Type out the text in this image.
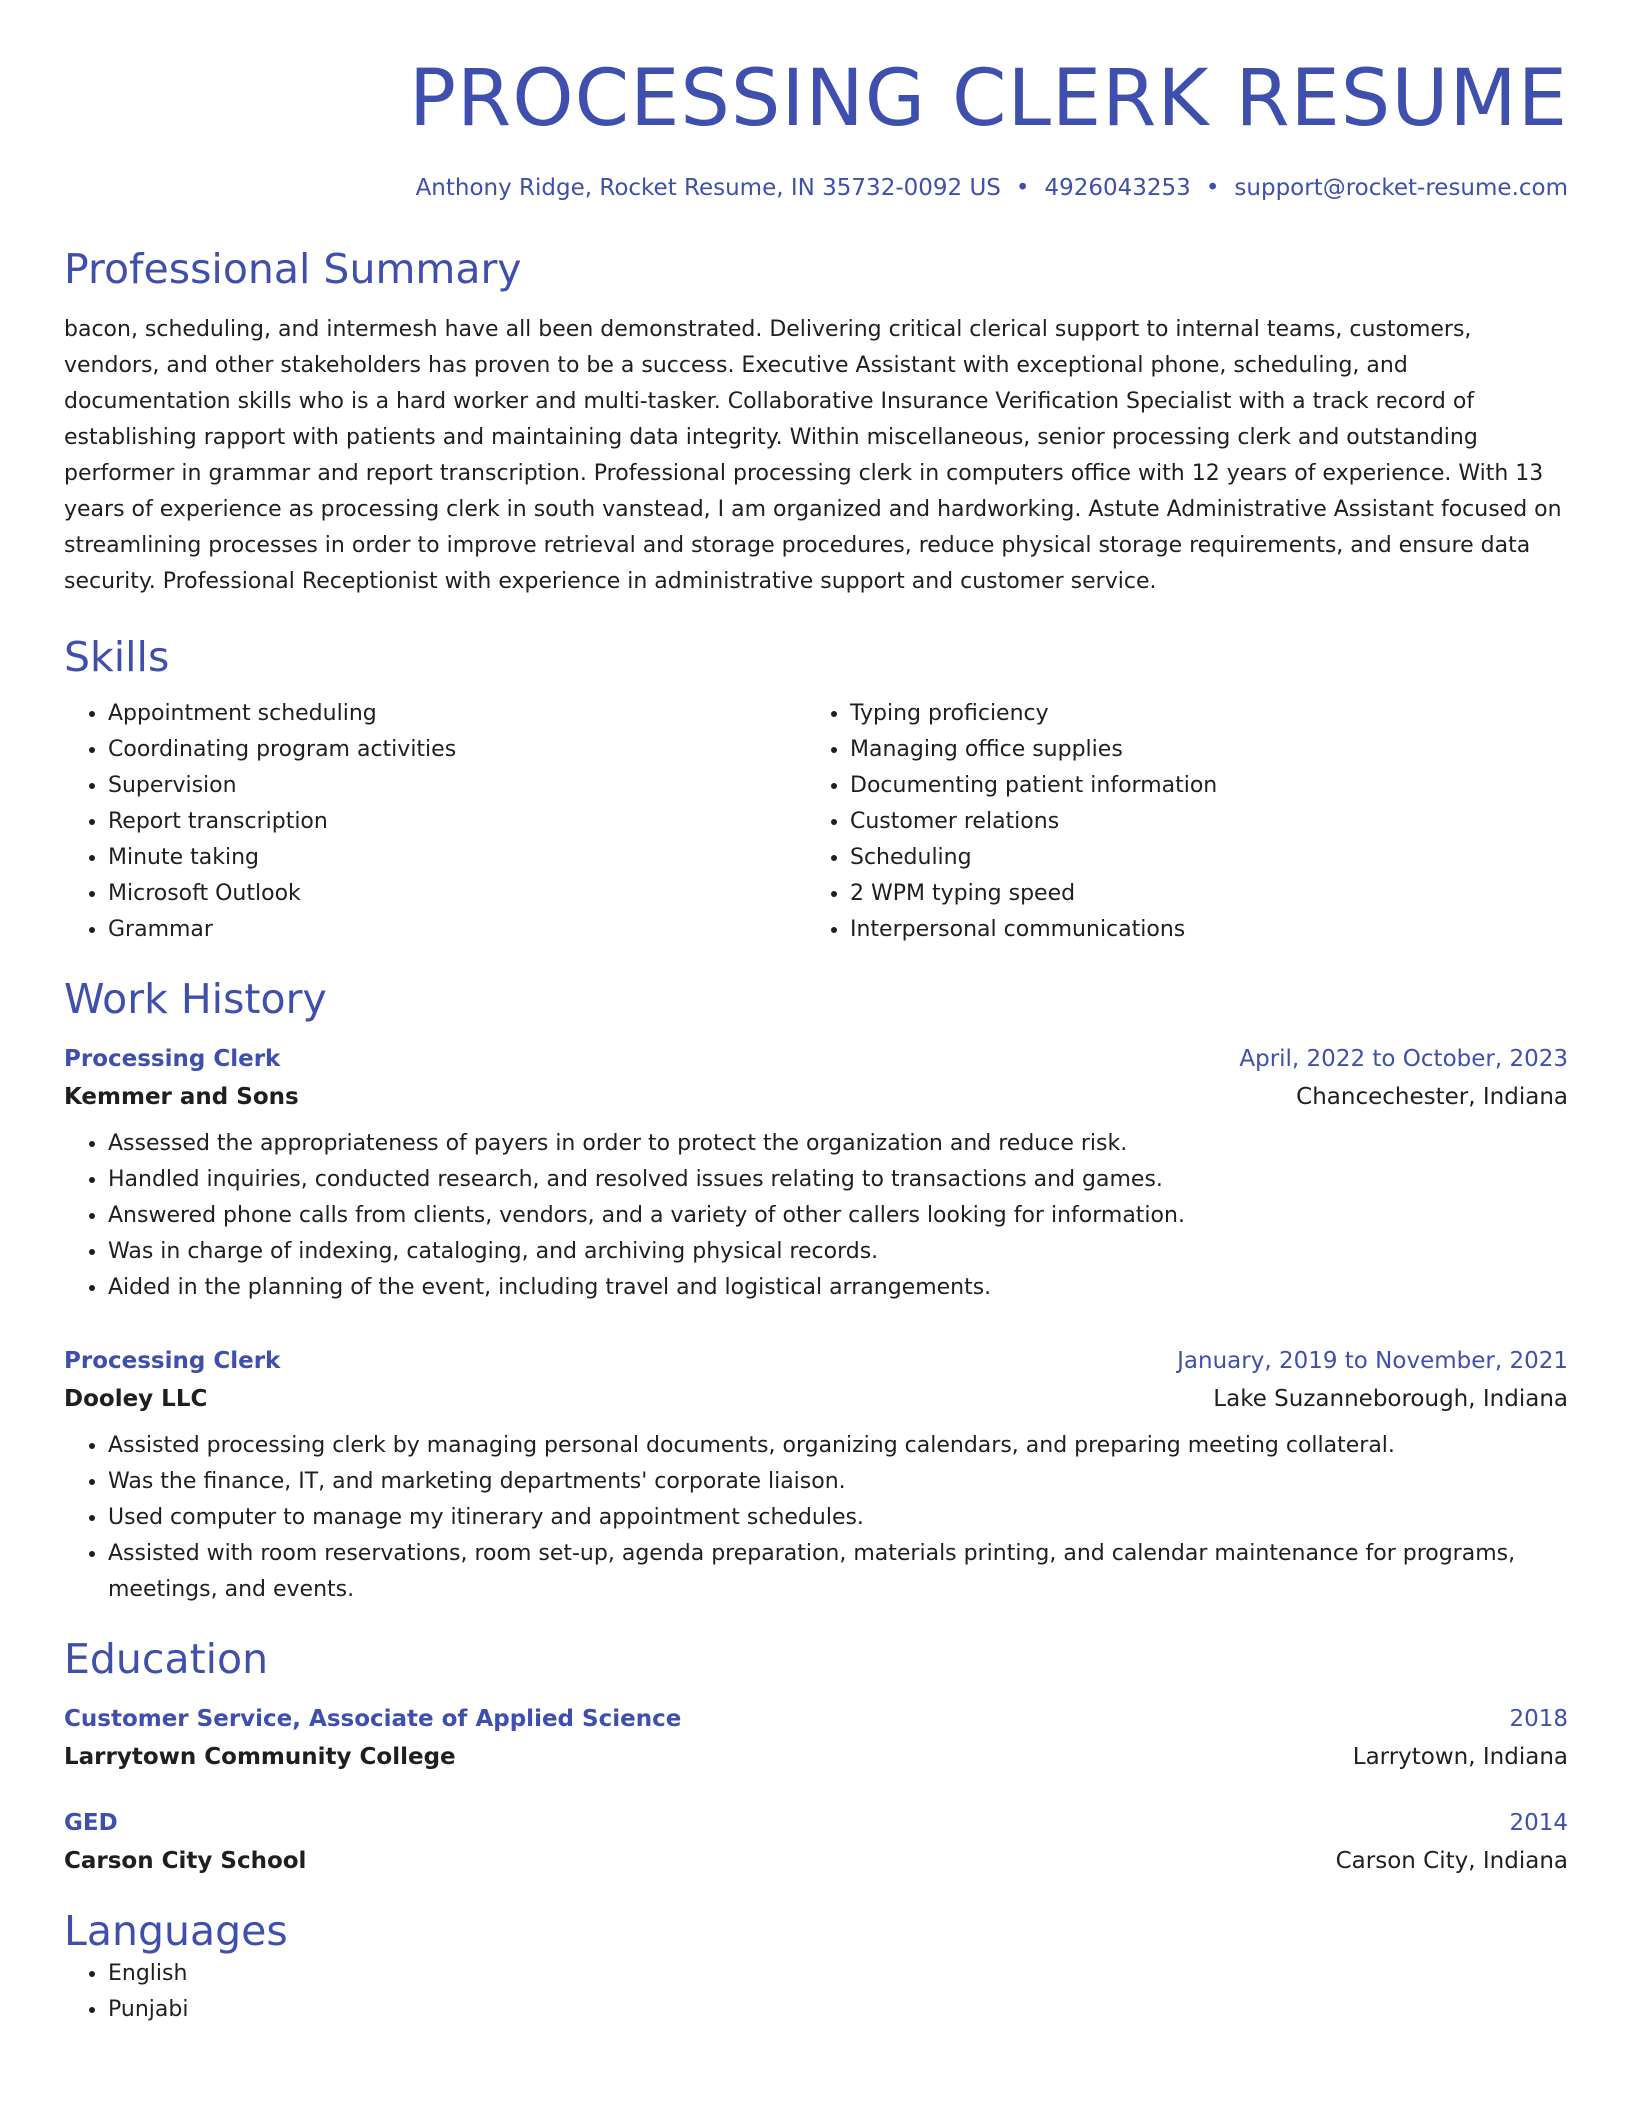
PROCESSING CLERK RESUME
Anthony Ridge, Rocket Resume, IN 35732-0092 US • 4926043253 • support@rocket-resume.com
Professional Summary

bacon, scheduling, and intermesh have all been demonstrated. Delivering critical clerical support to internal teams, customers, vendors, and other stakeholders has proven to be a success. Executive Assistant with exceptional phone, scheduling, and documentation skills who is a hard worker and multi-tasker. Collaborative Insurance Verification Specialist with a track record of establishing rapport with patients and maintaining data integrity. Within miscellaneous, senior processing clerk and outstanding performer in grammar and report transcription. Professional processing clerk in computers office with 12 years of experience. With 13 years of experience as processing clerk in south vanstead, I am organized and hardworking. Astute Administrative Assistant focused on streamlining processes in order to improve retrieval and storage procedures, reduce physical storage requirements, and ensure data security. Professional Receptionist with experience in administrative support and customer service.

Skills
• Appointment scheduling
• Coordinating program activities
• Supervision
• Report transcription
• Minute taking
• Microsoft Outlook
• Grammar
• Typing proficiency
• Managing office supplies
• Documenting patient information
• Customer relations
• Scheduling
• 2 WPM typing speed
• Interpersonal communications
Work History
Processing Clerk	April, 2022 to October, 2023
Kemmer and Sons	Chancechester, Indiana
• Assessed the appropriateness of payers in order to protect the organization and reduce risk.
• Handled inquiries, conducted research, and resolved issues relating to transactions and games.
• Answered phone calls from clients, vendors, and a variety of other callers looking for information.
• Was in charge of indexing, cataloging, and archiving physical records.
• Aided in the planning of the event, including travel and logistical arrangements.
Processing Clerk	January, 2019 to November, 2021
Dooley LLC	Lake Suzanneborough, Indiana
• Assisted processing clerk by managing personal documents, organizing calendars, and preparing meeting collateral.
• Was the finance, IT, and marketing departments' corporate liaison.
• Used computer to manage my itinerary and appointment schedules.
• Assisted with room reservations, room set-up, agenda preparation, materials printing, and calendar maintenance for programs, meetings, and events.
Education
Customer Service, Associate of Applied Science	2018
Larrytown Community College	Larrytown, Indiana
GED	2014
Carson City School	Carson City, Indiana
Languages
• English
• Punjabi
